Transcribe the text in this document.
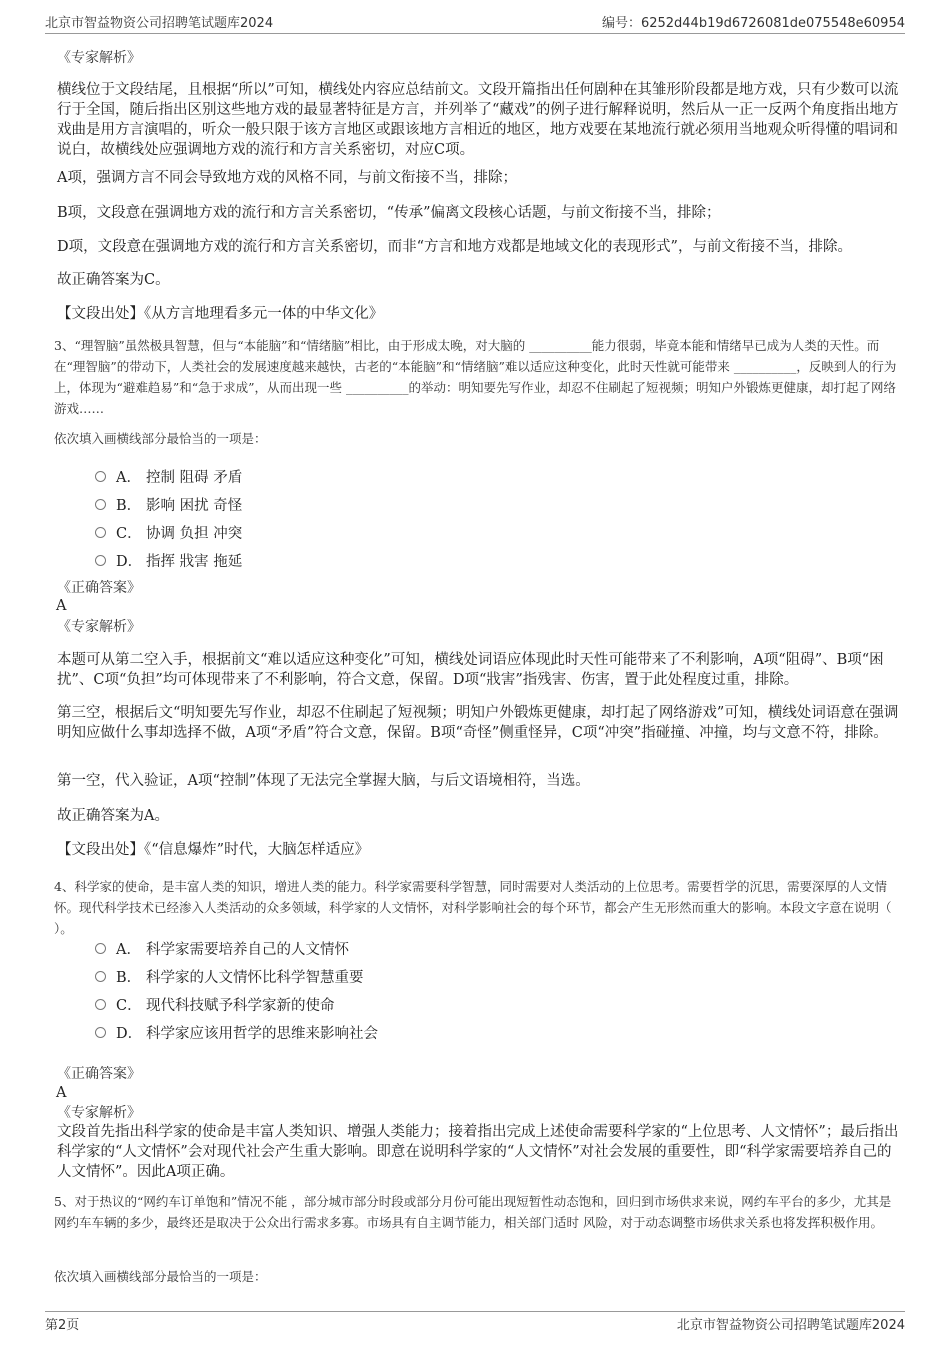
北京市智益物资公司招聘笔试题库2024	编号：6252d44b19d6726081de075548e60954
《专家解析》
横线位于文段结尾，且根据“所以”可知，横线处内容应总结前文。文段开篇指出任何剧种在其雏形阶段都是地方戏，只有少数可以流行于全国，随后指出区别这些地方戏的最显著特征是方言，并列举了“藏戏”的例子进行解释说明，然后从一正一反两个角度指出地方戏曲是用方言演唱的，听众一般只限于该方言地区或跟该地方言相近的地区，地方戏要在某地流行就必须用当地观众听得懂的唱词和说白，故横线处应强调地方戏的流行和方言关系密切，对应C项。
A项，强调方言不同会导致地方戏的风格不同，与前文衔接不当，排除；
B项，文段意在强调地方戏的流行和方言关系密切，“传承”偏离文段核心话题，与前文衔接不当，排除；
D项，文段意在强调地方戏的流行和方言关系密切，而非“方言和地方戏都是地域文化的表现形式”，与前文衔接不当，排除。
故正确答案为C。
【文段出处】《从方言地理看多元一体的中华文化》
3、“理智脑”虽然极具智慧，但与“本能脑”和“情绪脑”相比，由于形成太晚，对大脑的 __________能力很弱，毕竟本能和情绪早已成为人类的天性。而在“理智脑”的带动下，人类社会的发展速度越来越快，古老的“本能脑”和“情绪脑”难以适应这种变化，此时天性就可能带来 __________，反映到人的行为上，体现为“避难趋易”和“急于求成”，从而出现一些 __________的举动：明知要先写作业，却忍不住刷起了短视频；明知户外锻炼更健康，却打起了网络游戏……
依次填入画横线部分最恰当的一项是：
A． 控制 阻碍 矛盾
B． 影响 困扰 奇怪
C． 协调 负担 冲突
D． 指挥 戕害 拖延
《正确答案》
A
《专家解析》
本题可从第二空入手，根据前文“难以适应这种变化”可知，横线处词语应体现此时天性可能带来了不利影响，A项“阻碍”、B项“困扰”、C项“负担”均可体现带来了不利影响，符合文意，保留。D项“戕害”指残害、伤害，置于此处程度过重，排除。
第三空，根据后文“明知要先写作业，却忍不住刷起了短视频；明知户外锻炼更健康，却打起了网络游戏”可知，横线处词语意在强调明知应做什么事却选择不做，A项“矛盾”符合文意，保留。B项“奇怪”侧重怪异，C项“冲突”指碰撞、冲撞，均与文意不符，排除。
第一空，代入验证，A项“控制”体现了无法完全掌握大脑，与后文语境相符，当选。
故正确答案为A。
【文段出处】《“信息爆炸”时代，大脑怎样适应》
4、科学家的使命，是丰富人类的知识，增进人类的能力。科学家需要科学智慧，同时需要对人类活动的上位思考。需要哲学的沉思，需要深厚的人文情怀。现代科学技术已经渗入人类活动的众多领域，科学家的人文情怀，对科学影响社会的每个环节，都会产生无形然而重大的影响。本段文字意在说明（ ）。
A． 科学家需要培养自己的人文情怀
B． 科学家的人文情怀比科学智慧重要
C． 现代科技赋予科学家新的使命
D． 科学家应该用哲学的思维来影响社会
《正确答案》
A
《专家解析》
文段首先指出科学家的使命是丰富人类知识、增强人类能力；接着指出完成上述使命需要科学家的“上位思考、人文情怀”；最后指出科学家的“人文情怀”会对现代社会产生重大影响。即意在说明科学家的“人文情怀”对社会发展的重要性，即“科学家需要培养自己的人文情怀”。因此A项正确。
5、对于热议的“网约车订单饱和”情况不能 ，部分城市部分时段或部分月份可能出现短暂性动态饱和，回归到市场供求来说，网约车平台的多少，尤其是网约车车辆的多少，最终还是取决于公众出行需求多寡。市场具有自主调节能力，相关部门适时 风险，对于动态调整市场供求关系也将发挥积极作用。
依次填入画横线部分最恰当的一项是：
第2页	北京市智益物资公司招聘笔试题库2024
